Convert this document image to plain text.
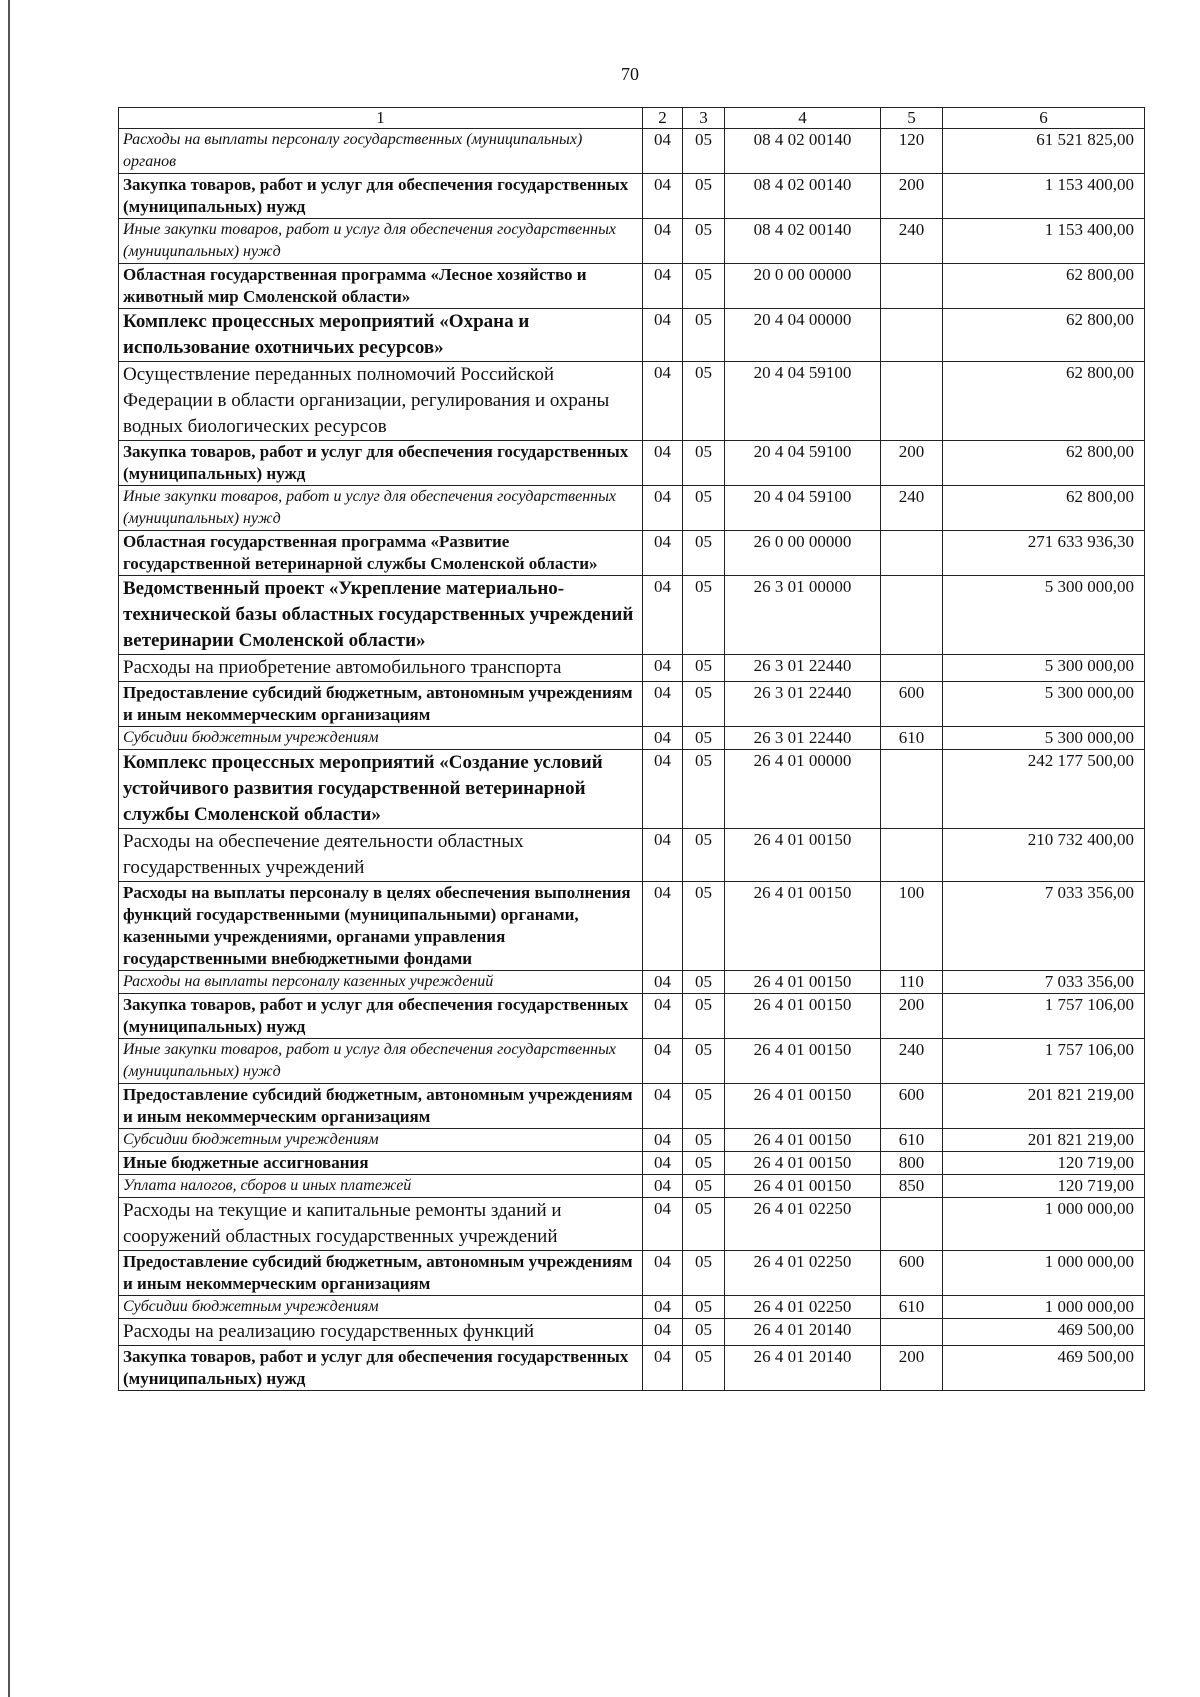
70
1	2	3	4	5	6
Расходы на выплаты персоналу государственных (муниципальных) органов	04	05	08 4 02 00140	120	61 521 825,00
Закупка товаров, работ и услуг для обеспечения государственных (муниципальных) нужд	04	05	08 4 02 00140	200	1 153 400,00
Иные закупки товаров, работ и услуг для обеспечения государственных (муниципальных) нужд	04	05	08 4 02 00140	240	1 153 400,00
Областная государственная программа «Лесное хозяйство и животный мир Смоленской области»	04	05	20 0 00 00000		62 800,00
Комплекс процессных мероприятий «Охрана и использование охотничьих ресурсов»	04	05	20 4 04 00000		62 800,00
Осуществление переданных полномочий Российской Федерации в области организации, регулирования и охраны водных биологических ресурсов	04	05	20 4 04 59100		62 800,00
Закупка товаров, работ и услуг для обеспечения государственных (муниципальных) нужд	04	05	20 4 04 59100	200	62 800,00
Иные закупки товаров, работ и услуг для обеспечения государственных (муниципальных) нужд	04	05	20 4 04 59100	240	62 800,00
Областная государственная программа «Развитие государственной ветеринарной службы Смоленской области»	04	05	26 0 00 00000		271 633 936,30
Ведомственный проект «Укрепление материально-технической базы областных государственных учреждений ветеринарии Смоленской области»	04	05	26 3 01 00000		5 300 000,00
Расходы на приобретение автомобильного транспорта	04	05	26 3 01 22440		5 300 000,00
Предоставление субсидий бюджетным, автономным учреждениям и иным некоммерческим организациям	04	05	26 3 01 22440	600	5 300 000,00
Субсидии бюджетным учреждениям	04	05	26 3 01 22440	610	5 300 000,00
Комплекс процессных мероприятий «Создание условий устойчивого развития государственной ветеринарной службы Смоленской области»	04	05	26 4 01 00000		242 177 500,00
Расходы на обеспечение деятельности областных государственных учреждений	04	05	26 4 01 00150		210 732 400,00
Расходы на выплаты персоналу в целях обеспечения выполнения функций государственными (муниципальными) органами, казенными учреждениями, органами управления государственными внебюджетными фондами	04	05	26 4 01 00150	100	7 033 356,00
Расходы на выплаты персоналу казенных учреждений	04	05	26 4 01 00150	110	7 033 356,00
Закупка товаров, работ и услуг для обеспечения государственных (муниципальных) нужд	04	05	26 4 01 00150	200	1 757 106,00
Иные закупки товаров, работ и услуг для обеспечения государственных (муниципальных) нужд	04	05	26 4 01 00150	240	1 757 106,00
Предоставление субсидий бюджетным, автономным учреждениям и иным некоммерческим организациям	04	05	26 4 01 00150	600	201 821 219,00
Субсидии бюджетным учреждениям	04	05	26 4 01 00150	610	201 821 219,00
Иные бюджетные ассигнования	04	05	26 4 01 00150	800	120 719,00
Уплата налогов, сборов и иных платежей	04	05	26 4 01 00150	850	120 719,00
Расходы на текущие и капитальные ремонты зданий и сооружений областных государственных учреждений	04	05	26 4 01 02250		1 000 000,00
Предоставление субсидий бюджетным, автономным учреждениям и иным некоммерческим организациям	04	05	26 4 01 02250	600	1 000 000,00
Субсидии бюджетным учреждениям	04	05	26 4 01 02250	610	1 000 000,00
Расходы на реализацию государственных функций	04	05	26 4 01 20140		469 500,00
Закупка товаров, работ и услуг для обеспечения государственных (муниципальных) нужд	04	05	26 4 01 20140	200	469 500,00
